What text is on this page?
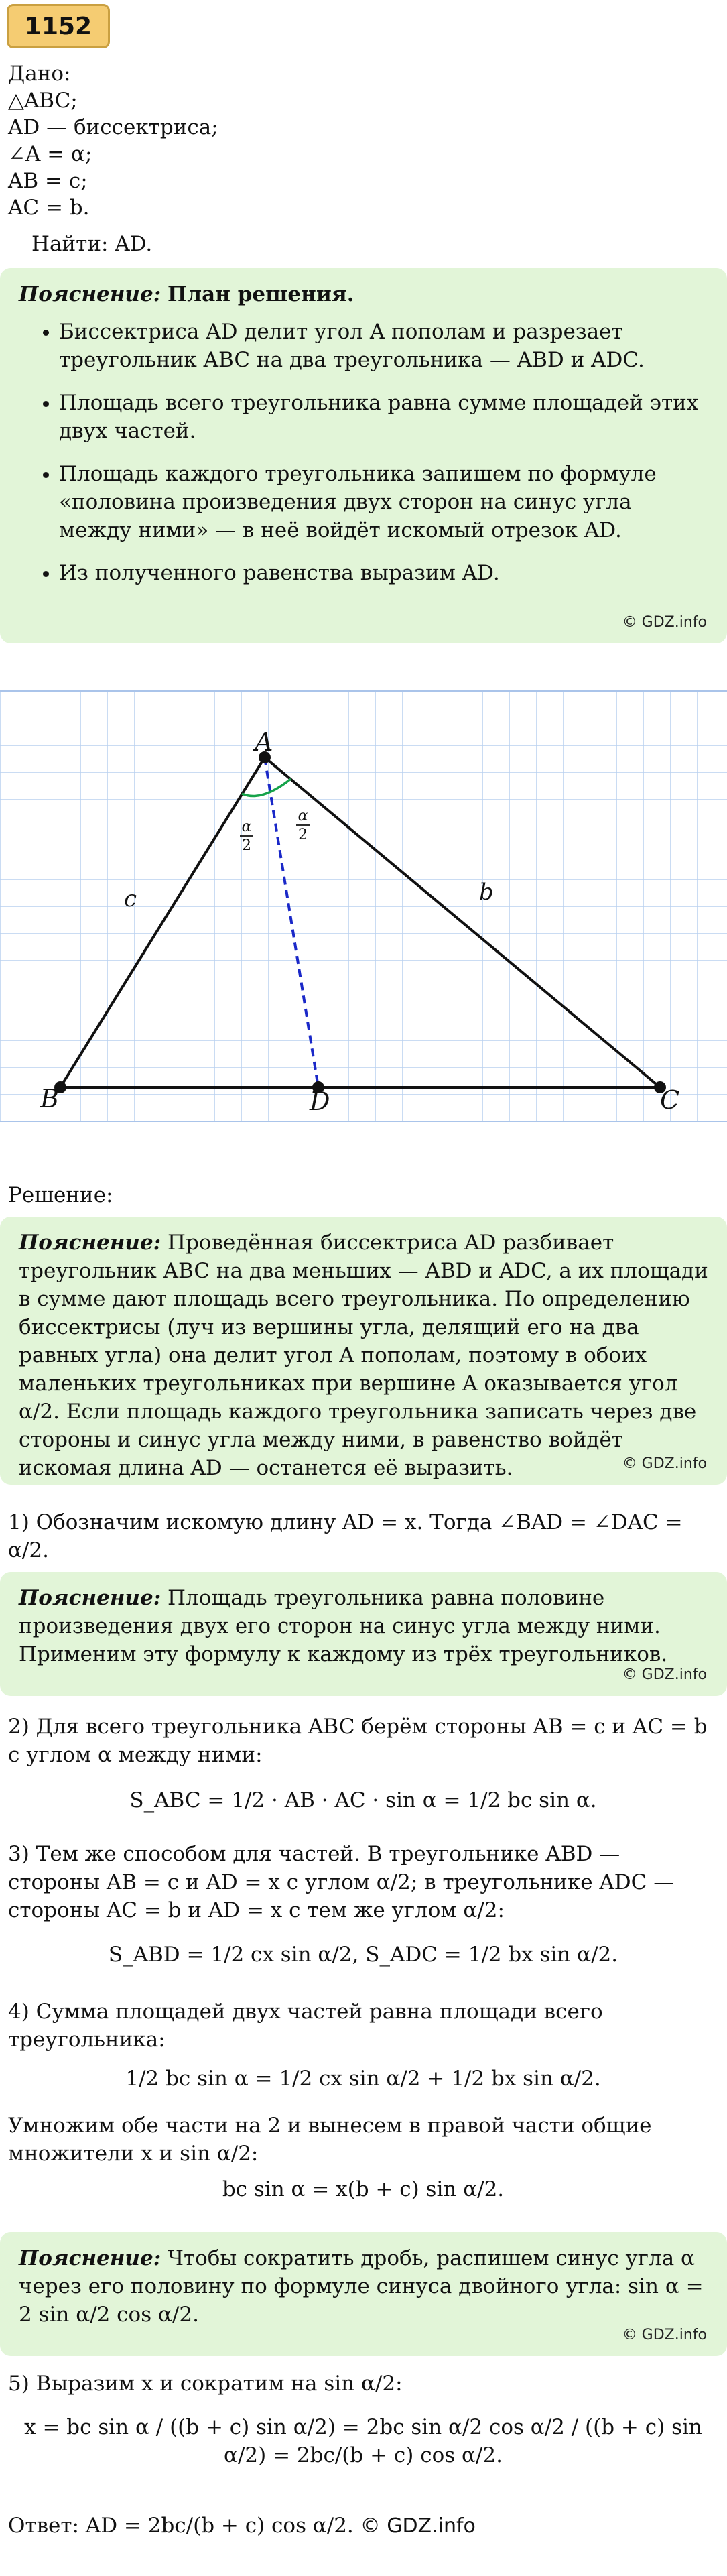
1152
Дано:
△ABC;
AD — биссектриса;
∠A = α;
AB = c;
AC = b.
Найти: AD.
Пояснение: План решения.
• Биссектриса AD делит угол A пополам и разрезает треугольник ABC на два треугольника — ABD и ADC.
• Площадь всего треугольника равна сумме площадей этих двух частей.
• Площадь каждого треугольника запишем по формуле «половина произведения двух сторон на синус угла между ними» — в неё войдёт искомый отрезок AD.
• Из полученного равенства выразим AD.
© GDZ.info
A
B	C
D
c	b
α
2
α
2
Решение:
Пояснение: Проведённая биссектриса AD разбивает треугольник ABC на два меньших — ABD и ADC, а их площади в сумме дают площадь всего треугольника. По определению биссектрисы (луч из вершины угла, делящий его на два равных угла) она делит угол A пополам, поэтому в обоих маленьких треугольниках при вершине A оказывается угол α/2. Если площадь каждого треугольника записать через две стороны и синус угла между ними, в равенство войдёт искомая длина AD — останется её выразить.	© GDZ.info
1) Обозначим искомую длину AD = x. Тогда ∠BAD = ∠DAC = α/2.
Пояснение: Площадь треугольника равна половине произведения двух его сторон на синус угла между ними. Применим эту формулу к каждому из трёх треугольников.
© GDZ.info
2) Для всего треугольника ABC берём стороны AB = c и AC = b с углом α между ними:
S_ABC = 1/2 · AB · AC · sin α = 1/2 bc sin α.
3) Тем же способом для частей. В треугольнике ABD — стороны AB = c и AD = x с углом α/2; в треугольнике ADC — стороны AC = b и AD = x с тем же углом α/2:
S_ABD = 1/2 cx sin α/2, S_ADC = 1/2 bx sin α/2.
4) Сумма площадей двух частей равна площади всего треугольника:
1/2 bc sin α = 1/2 cx sin α/2 + 1/2 bx sin α/2.
Умножим обе части на 2 и вынесем в правой части общие множители x и sin α/2:
bc sin α = x(b + c) sin α/2.
Пояснение: Чтобы сократить дробь, распишем синус угла α через его половину по формуле синуса двойного угла: sin α = 2 sin α/2 cos α/2.
© GDZ.info
5) Выразим x и сократим на sin α/2:
x = bc sin α / ((b + c) sin α/2) = 2bc sin α/2 cos α/2 / ((b + c) sin α/2) = 2bc/(b + c) cos α/2.
Ответ: AD = 2bc/(b + c) cos α/2. © GDZ.info
